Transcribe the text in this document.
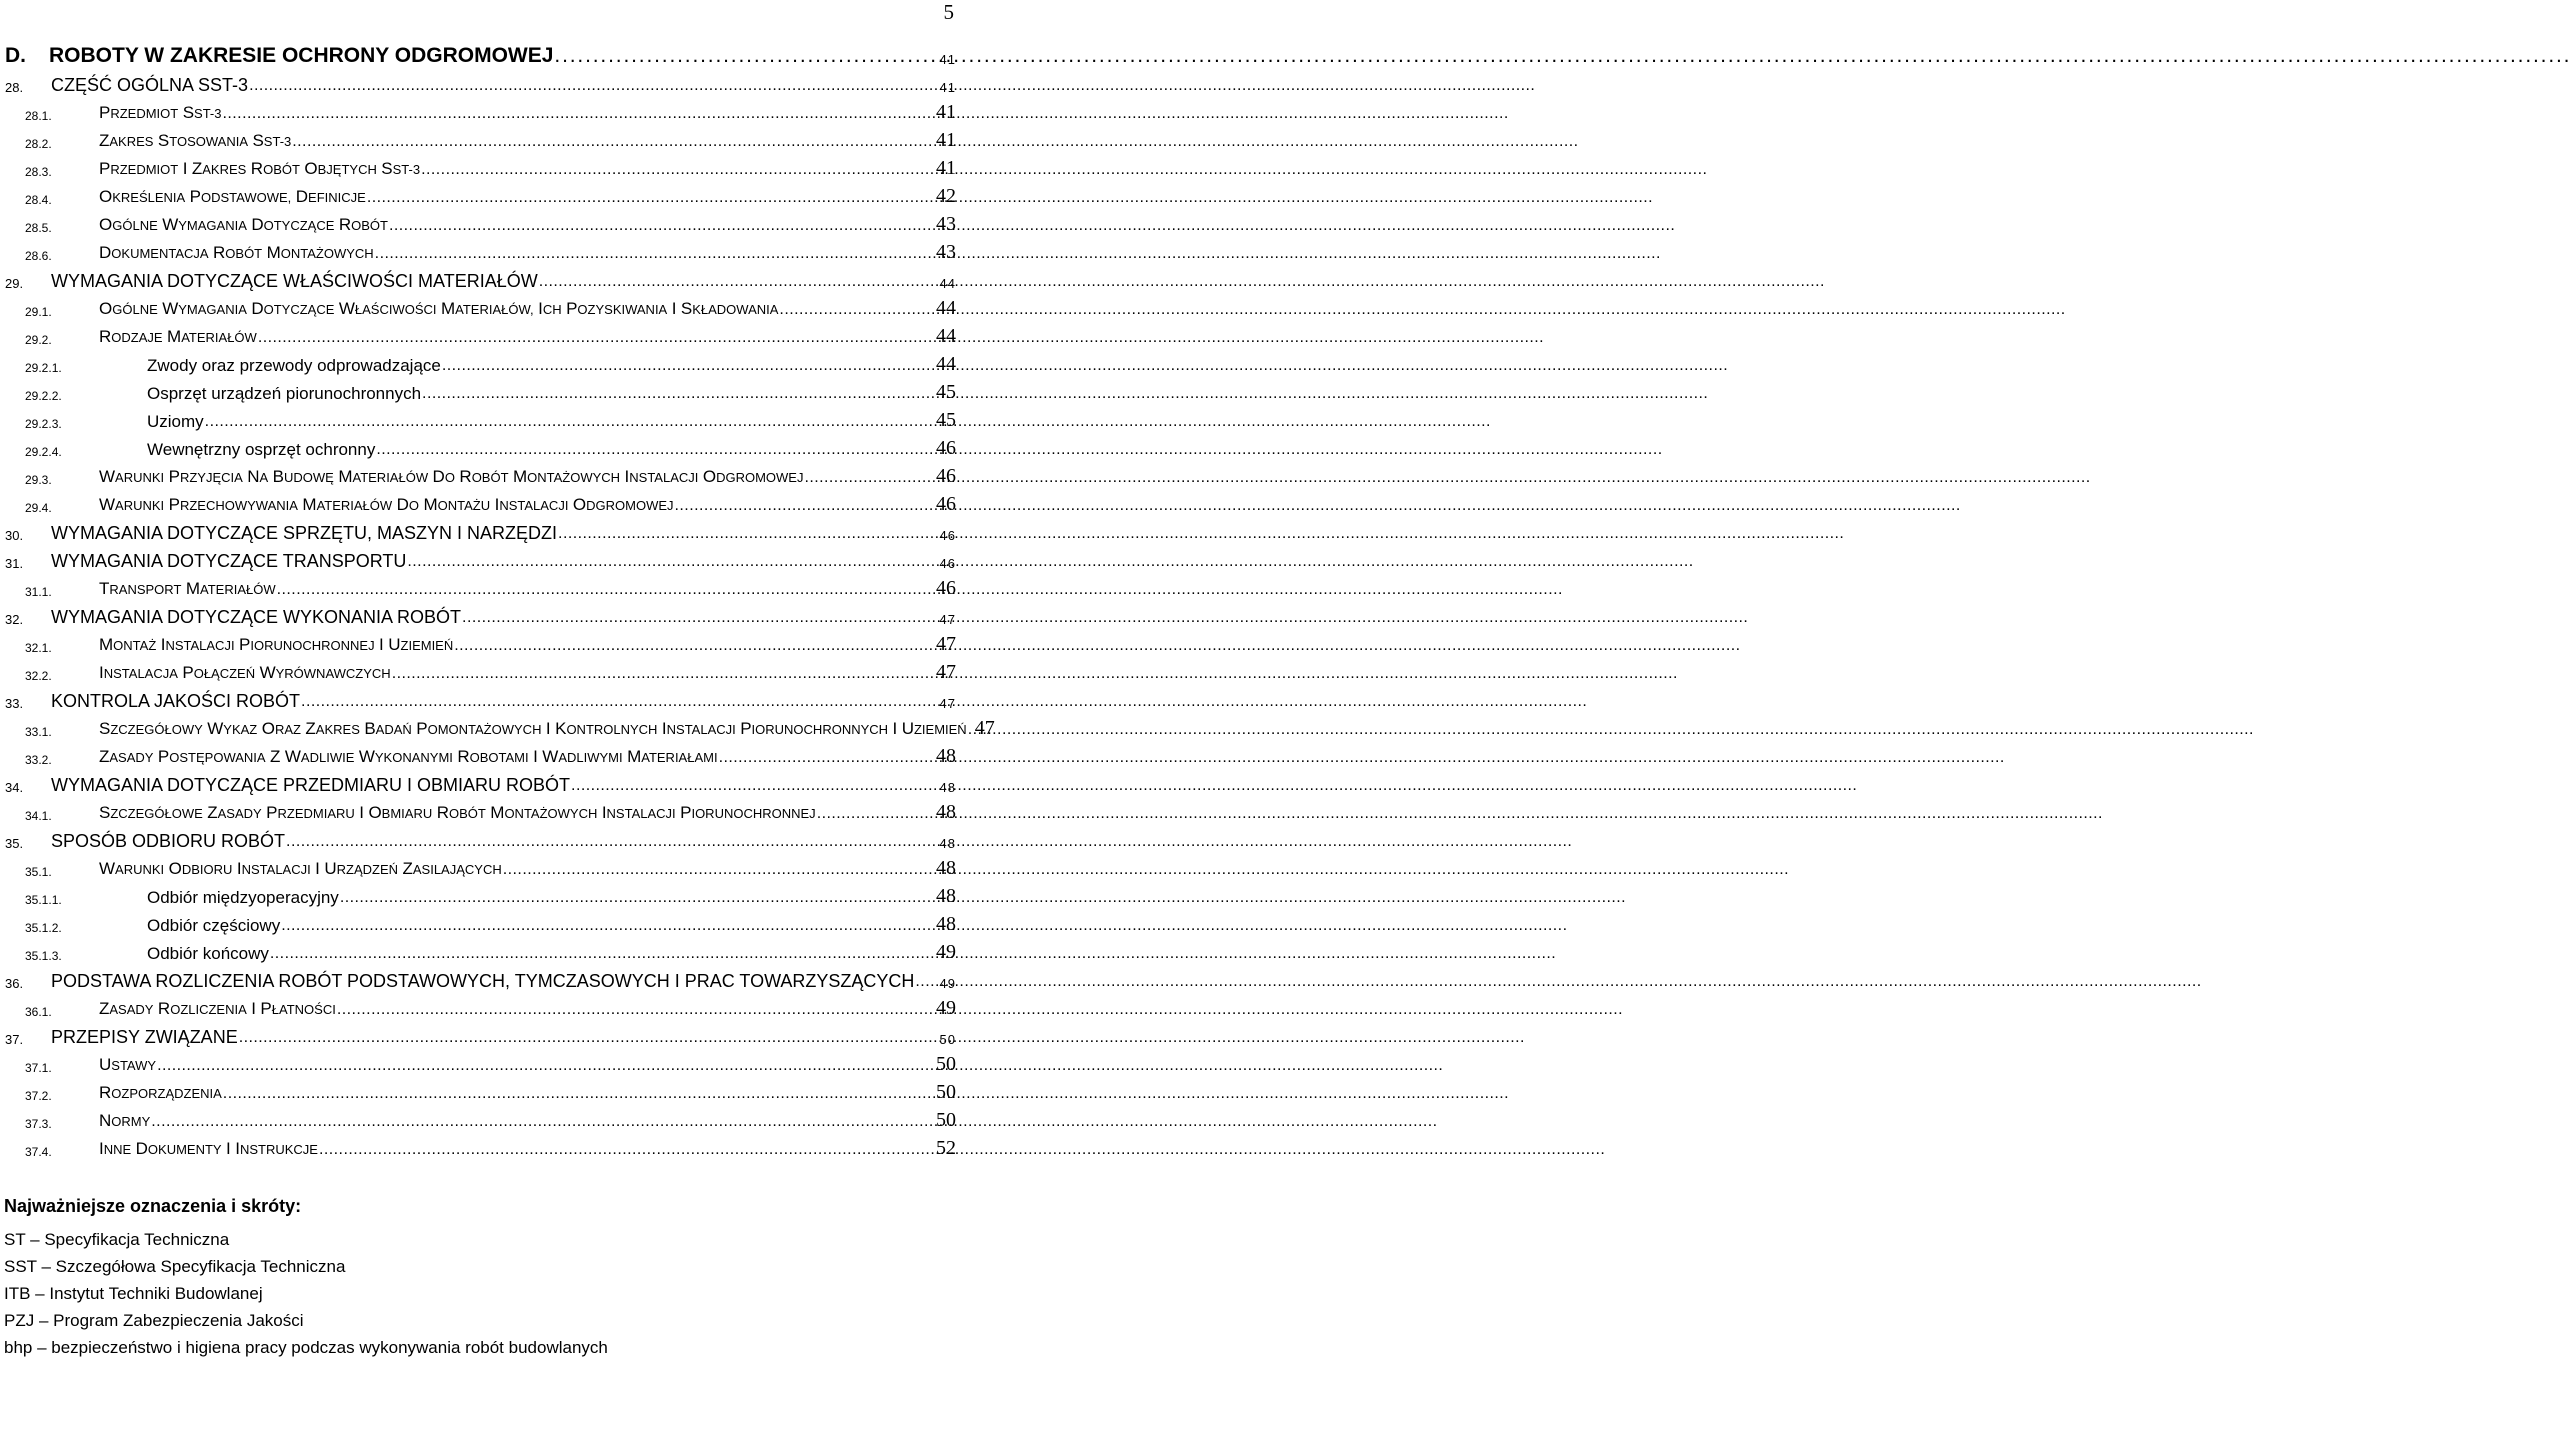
5
D.	ROBOTY W ZAKRESIE OCHRONY ODGROMOWEJ . . .	41
28.	CZĘŚĆ OGÓLNA SST-3 . . .	41
28.1.	PRZEDMIOT SST-3 . . .	41
28.2.	ZAKRES STOSOWANIA SST-3 . . .	41
28.3.	PRZEDMIOT I ZAKRES ROBÓT OBJĘTYCH SST-3 . . .	41
28.4.	OKREŚLENIA PODSTAWOWE, DEFINICJE . . .	42
28.5.	OGÓLNE WYMAGANIA DOTYCZĄCE ROBÓT . . .	43
28.6.	DOKUMENTACJA ROBÓT MONTAŻOWYCH . . .	43
29.	WYMAGANIA DOTYCZĄCE WŁAŚCIWOŚCI MATERIAŁÓW . . .	44
29.1.	OGÓLNE WYMAGANIA DOTYCZĄCE WŁAŚCIWOŚCI MATERIAŁÓW, ICH POZYSKIWANIA I SKŁADOWANIA . . .	44
29.2.	RODZAJE MATERIAŁÓW . . .	44
29.2.1.	Zwody oraz przewody odprowadzające . . .	44
29.2.2.	Osprzęt urządzeń piorunochronnych . . .	45
29.2.3.	Uziomy . . .	45
29.2.4.	Wewnętrzny osprzęt ochronny . . .	46
29.3.	WARUNKI PRZYJĘCIA NA BUDOWĘ MATERIAŁÓW DO ROBÓT MONTAŻOWYCH INSTALACJI ODGROMOWEJ . . .	46
29.4.	WARUNKI PRZECHOWYWANIA MATERIAŁÓW DO MONTAŻU INSTALACJI ODGROMOWEJ . . .	46
30.	WYMAGANIA DOTYCZĄCE SPRZĘTU, MASZYN I NARZĘDZI . . .	46
31.	WYMAGANIA DOTYCZĄCE TRANSPORTU . . .	46
31.1.	TRANSPORT MATERIAŁÓW . . .	46
32.	WYMAGANIA DOTYCZĄCE WYKONANIA ROBÓT . . .	47
32.1.	MONTAŻ INSTALACJI PIORUNOCHRONNEJ I UZIEMIEŃ . . .	47
32.2.	INSTALACJA POŁĄCZEŃ WYRÓWNAWCZYCH . . .	47
33.	KONTROLA JAKOŚCI ROBÓT . . .	47
33.1.	SZCZEGÓŁOWY WYKAZ ORAZ ZAKRES BADAŃ POMONTAŻOWYCH I KONTROLNYCH INSTALACJI PIORUNOCHRONNYCH I UZIEMIEŃ . . . 47
33.2.	ZASADY POSTĘPOWANIA Z WADLIWIE WYKONANYMI ROBOTAMI I WADLIWYMI MATERIAŁAMI . . .	48
34.	WYMAGANIA DOTYCZĄCE PRZEDMIARU I OBMIARU ROBÓT . . .	48
34.1.	SZCZEGÓŁOWE ZASADY PRZEDMIARU I OBMIARU ROBÓT MONTAŻOWYCH INSTALACJI PIORUNOCHRONNEJ . . .	48
35.	SPOSÓB ODBIORU ROBÓT . . .	48
35.1.	WARUNKI ODBIORU INSTALACJI I URZĄDZEŃ ZASILAJĄCYCH . . .	48
35.1.1.	Odbiór międzyoperacyjny . . .	48
35.1.2.	Odbiór częściowy . . .	48
35.1.3.	Odbiór końcowy . . .	49
36.	PODSTAWA ROZLICZENIA ROBÓT PODSTAWOWYCH, TYMCZASOWYCH I PRAC TOWARZYSZĄCYCH . . . 49
36.1.	ZASADY ROZLICZENIA I PŁATNOŚCI . . .	49
37.	PRZEPISY ZWIĄZANE . . .	50
37.1.	USTAWY . . .	50
37.2.	ROZPORZĄDZENIA . . .	50
37.3.	NORMY . . .	50
37.4.	INNE DOKUMENTY I INSTRUKCJE . . .	52
Najważniejsze oznaczenia i skróty:
ST – Specyfikacja Techniczna
SST – Szczegółowa Specyfikacja Techniczna
ITB – Instytut Techniki Budowlanej
PZJ – Program Zabezpieczenia Jakości
bhp – bezpieczeństwo i higiena pracy podczas wykonywania robót budowlanych
